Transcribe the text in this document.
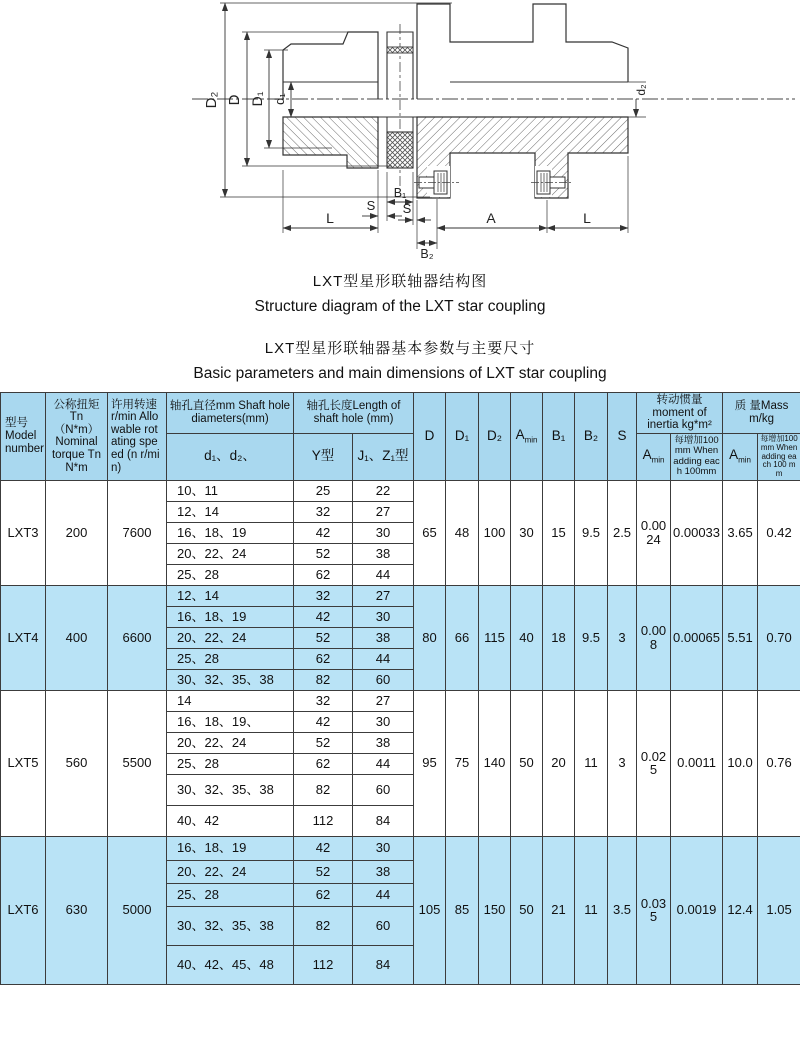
D₂ D D₁ d₁
d₂
L	A	L
B₁
B₂
S S

LXT型星形联轴器结构图

Structure diagram of the LXT star coupling

LXT型星形联轴器基本参数与主要尺寸

Basic parameters and main dimensions of LXT star coupling

型号 Model number	公称扭矩Tn（N*m） Nominal torque Tn N*m	许用转速r/min Allowable rotating speed (n r/min)	轴孔直径mm Shaft hole diameters(mm)	轴孔长度Length of shaft hole (mm)		D	D₁	D₂	$A_{min}$	B₁	B₂	S	转动惯量moment of inertia kg*m²		质 量Mass m/kg	
			d₁、d₂、	Y型	J₁、Z₁型								$A_{min}$	每增加100mm When adding each 100mm	$A_{min}$	每增加100mm When adding each 100 mm
LXT3	200	7600	10、11	25	22	65	48	100	30	15	9.5	2.5	0.0024	0.00033	3.65	0.42
			12、14	32	27											
			16、18、19	42	30											
			20、22、24	52	38											
			25、28	62	44											
LXT4	400	6600	12、14	32	27	80	66	115	40	18	9.5	3	0.008	0.00065	5.51	0.70
			16、18、19	42	30											
			20、22、24	52	38											
			25、28	62	44											
			30、32、35、38	82	60											
LXT5	560	5500	14	32	27	95	75	140	50	20	11	3	0.025	0.0011	10.0	0.76
			16、18、19、	42	30											
			20、22、24	52	38											
			25、28	62	44											
			30、32、35、38	82	60											
			40、42	112	84											
LXT6	630	5000	16、18、19	42	30	105	85	150	50	21	11	3.5	0.035	0.0019	12.4	1.05
			20、22、24	52	38											
			25、28	62	44											
			30、32、35、38	82	60											
			40、42、45、48	112	84											
